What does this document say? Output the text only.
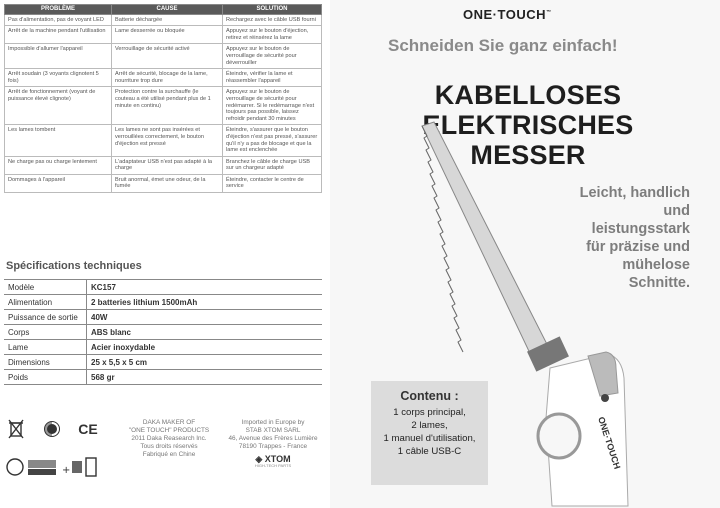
PROBLÈME	CAUSE	SOLUTION
Pas d'alimentation, pas de voyant LED	Batterie déchargée	Rechargez avec le câble USB fourni
Arrêt de la machine pendant l'utilisation	Lame desserrée ou bloquée	Appuyez sur le bouton d'éjection, retirez et réinsérez la lame
Impossible d'allumer l'appareil	Verrouillage de sécurité activé	Appuyez sur le bouton de verrouillage de sécurité pour déverrouiller
Arrêt soudain (3 voyants clignotent 5 fois)	Arrêt de sécurité, blocage de la lame, nourriture trop dure	Éteindre, vérifier la lame et réassembler l'appareil
Arrêt de fonctionnement (voyant de puissance élevé clignote)	Protection contre la surchauffe (le couteau a été utilisé pendant plus de 1 minute en continu)	Appuyez sur le bouton de verrouillage de sécurité pour redémarrer. Si le redémarrage n'est toujours pas possible, laissez refroidir pendant 30 minutes
Les lames tombent	Les lames ne sont pas insérées et verrouillées correctement, le bouton d'éjection est pressé	Éteindre, s'assurer que le bouton d'éjection n'est pas pressé, s'assurer qu'il n'y a pas de blocage et que la lame est enclenchée
Ne charge pas ou charge lentement	L'adaptateur USB n'est pas adapté à la charge	Branchez le câble de charge USB sur un chargeur adapté
Dommages à l'appareil	Bruit anormal, émet une odeur, de la fumée	Éteindre, contacter le centre de service
Spécifications techniques
Modèle	KC157
Alimentation	2 batteries lithium 1500mAh
Puissance de sortie	40W
Corps	ABS blanc
Lame	Acier inoxydable
Dimensions	25 x 5,5 x 5 cm
Poids	568 gr
CE
+
DAKA MAKER OF
"ONE TOUCH" PRODUCTS
2011 Daka Reasearch Inc.
Tous droits réservés
Fabriqué en Chine
Imported in Europe by
STAB XTOM SARL
46, Avenue des Frères Lumière
78190 Trappes - France
◈ XTOM
HIGH-TECH PARTS
ONE·TOUCH™
Schneiden Sie ganz einfach!
KABELLOSES ELEKTRISCHES
MESSER
ONE·TOUCH
Leicht, handlich
und
leistungsstark
für präzise und
mühelose
Schnitte.
Contenu :
1 corps principal,
2 lames,
1 manuel d'utilisation,
1 câble USB-C
